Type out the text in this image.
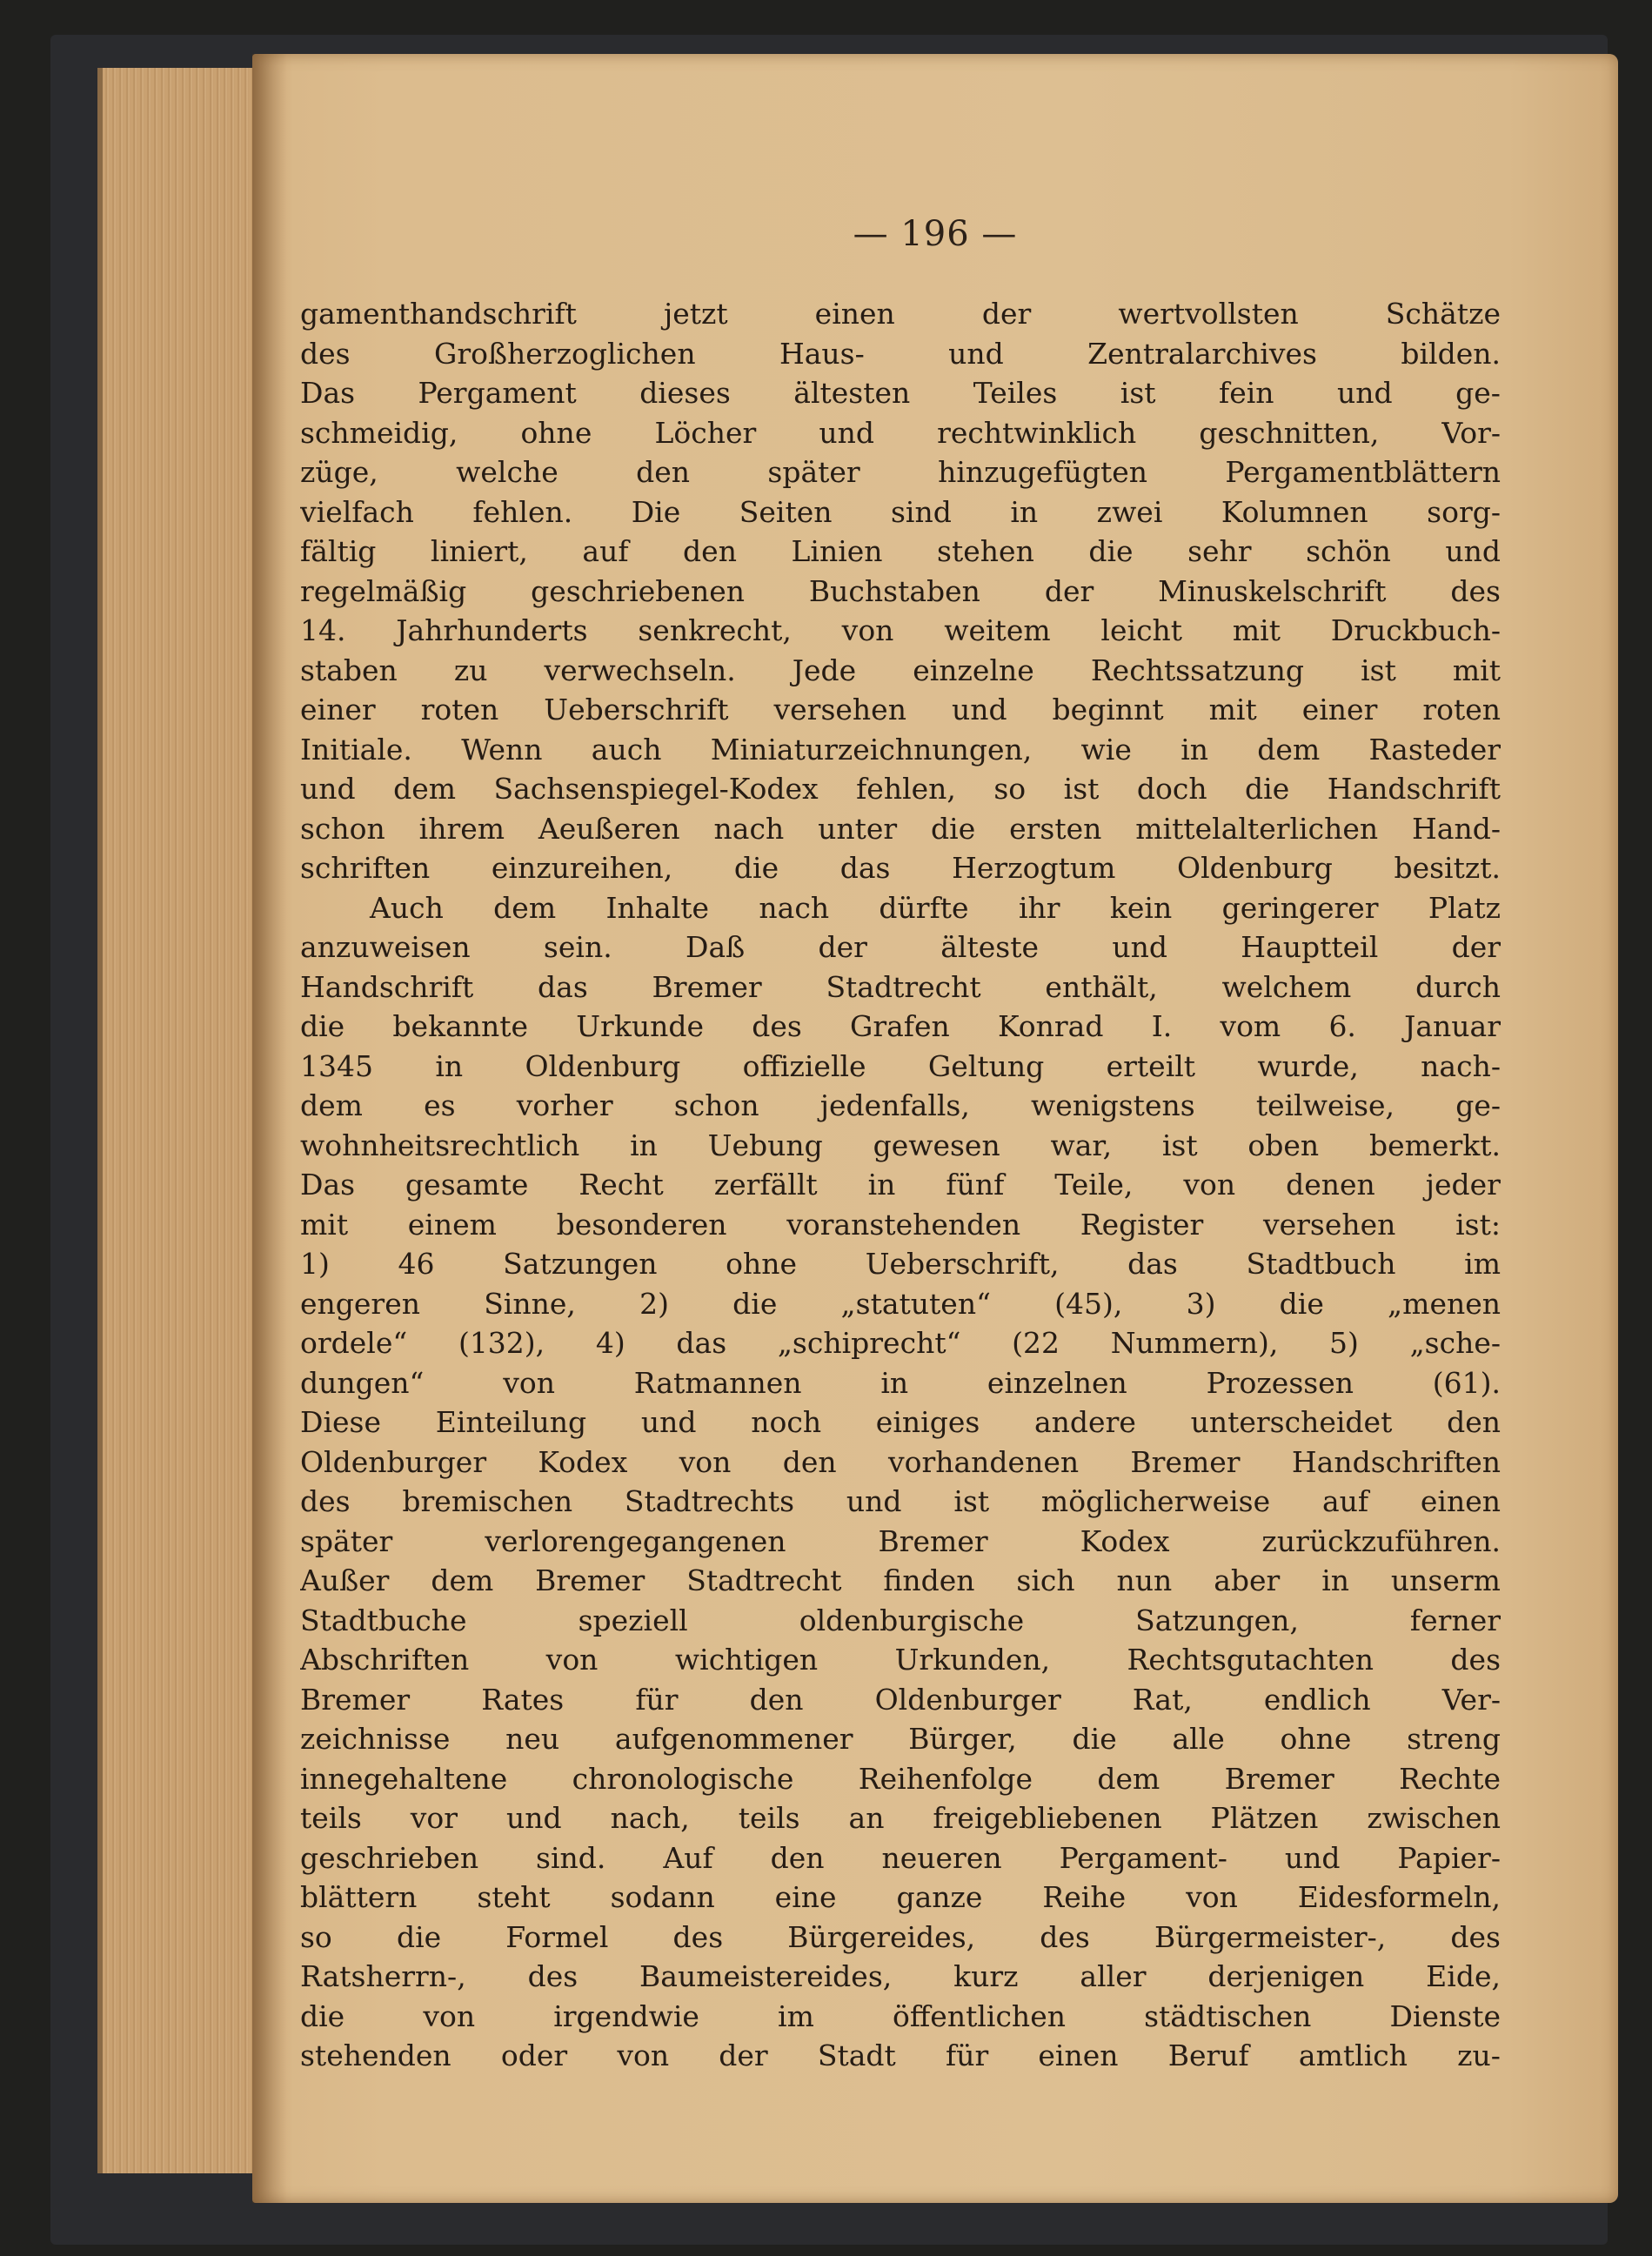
— 196 —
gamenthandschrift jetzt einen der wertvollsten Schätze
des Großherzoglichen Haus- und Zentralarchives bilden.
Das Pergament dieses ältesten Teiles ist fein und ge-
schmeidig, ohne Löcher und rechtwinklich geschnitten, Vor-
züge, welche den später hinzugefügten Pergamentblättern
vielfach fehlen. Die Seiten sind in zwei Kolumnen sorg-
fältig liniert, auf den Linien stehen die sehr schön und
regelmäßig geschriebenen Buchstaben der Minuskelschrift des
14. Jahrhunderts senkrecht, von weitem leicht mit Druckbuch-
staben zu verwechseln. Jede einzelne Rechtssatzung ist mit
einer roten Ueberschrift versehen und beginnt mit einer roten
Initiale. Wenn auch Miniaturzeichnungen, wie in dem Rasteder
und dem Sachsenspiegel-Kodex fehlen, so ist doch die Handschrift
schon ihrem Aeußeren nach unter die ersten mittelalterlichen Hand-
schriften einzureihen, die das Herzogtum Oldenburg besitzt.
Auch dem Inhalte nach dürfte ihr kein geringerer Platz
anzuweisen sein. Daß der älteste und Hauptteil der
Handschrift das Bremer Stadtrecht enthält, welchem durch
die bekannte Urkunde des Grafen Konrad I. vom 6. Januar
1345 in Oldenburg offizielle Geltung erteilt wurde, nach-
dem es vorher schon jedenfalls, wenigstens teilweise, ge-
wohnheitsrechtlich in Uebung gewesen war, ist oben bemerkt.
Das gesamte Recht zerfällt in fünf Teile, von denen jeder
mit einem besonderen voranstehenden Register versehen ist:
1) 46 Satzungen ohne Ueberschrift, das Stadtbuch im
engeren Sinne, 2) die „statuten“ (45), 3) die „menen
ordele“ (132), 4) das „schiprecht“ (22 Nummern), 5) „sche-
dungen“ von Ratmannen in einzelnen Prozessen (61).
Diese Einteilung und noch einiges andere unterscheidet den
Oldenburger Kodex von den vorhandenen Bremer Handschriften
des bremischen Stadtrechts und ist möglicherweise auf einen
später verlorengegangenen Bremer Kodex zurückzuführen.
Außer dem Bremer Stadtrecht finden sich nun aber in unserm
Stadtbuche speziell oldenburgische Satzungen, ferner
Abschriften von wichtigen Urkunden, Rechtsgutachten des
Bremer Rates für den Oldenburger Rat, endlich Ver-
zeichnisse neu aufgenommener Bürger, die alle ohne streng
innegehaltene chronologische Reihenfolge dem Bremer Rechte
teils vor und nach, teils an freigebliebenen Plätzen zwischen
geschrieben sind. Auf den neueren Pergament- und Papier-
blättern steht sodann eine ganze Reihe von Eidesformeln,
so die Formel des Bürgereides, des Bürgermeister-, des
Ratsherrn-, des Baumeistereides, kurz aller derjenigen Eide,
die von irgendwie im öffentlichen städtischen Dienste
stehenden oder von der Stadt für einen Beruf amtlich zu-
